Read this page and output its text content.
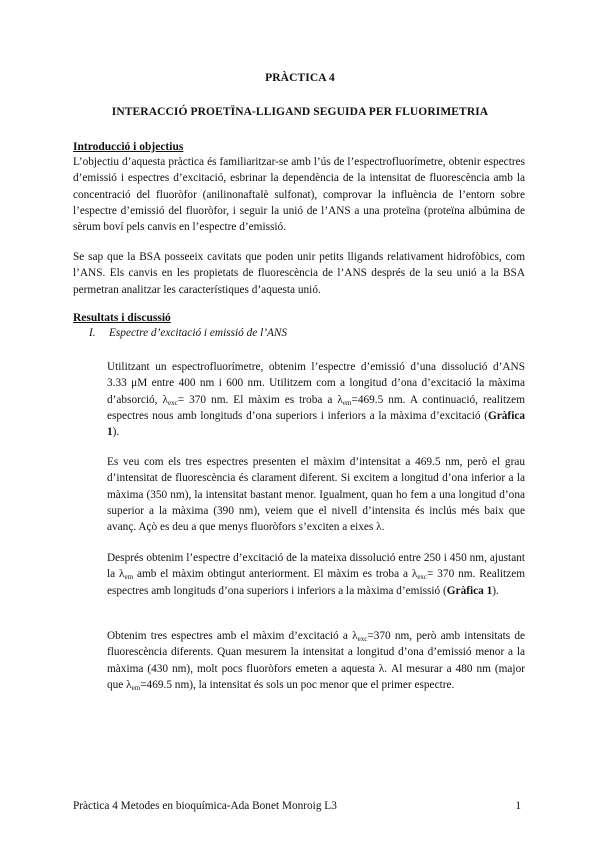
PRÀCTICA 4
INTERACCIÓ PROETÏNA-LLIGAND SEGUIDA PER FLUORIMETRIA
Introducció i objectius

L’objectiu d’aquesta pràctica és familiaritzar-se amb l’ús de l’espectrofluorímetre, obtenir espectres d’emissió i espectres d’excitació, esbrinar la dependència de la intensitat de fluorescència amb la concentració del fluoròfor (anilinonaftalè sulfonat), comprovar la influència de l’entorn sobre l’espectre d’emissió del fluoròfor, i seguir la unió de l’ANS a una proteïna (proteïna albúmina de sèrum boví pels canvis en l’espectre d’emissió.

Se sap que la BSA posseeix cavitats que poden unir petits lligands relativament hidrofòbics, com l’ANS. Els canvis en les propietats de fluorescència de l’ANS després de la seu unió a la BSA permetran analitzar les característiques d’aquesta unió.

Resultats i discussió
I. Espectre d’excitació i emissió de l’ANS

Utilitzant un espectrofluorímetre, obtenim l’espectre d’emissió d’una dissolució d’ANS 3.33 μM entre 400 nm i 600 nm. Utilitzem com a longitud d’ona d’excitació la màxima d’absorció, $\lambda_{exc}= 370$ nm. El màxim es troba a $\lambda_{em}=469.5$ nm. A continuació, realitzem espectres nous amb longituds d’ona superiors i inferiors a la màxima d’excitació (Gràfica 1).

Es veu com els tres espectres presenten el màxim d’intensitat a 469.5 nm, però el grau d’intensitat de fluorescència és clarament diferent. Si excitem a longitud d’ona inferior a la màxima (350 nm), la intensitat bastant menor. Igualment, quan ho fem a una longitud d’ona superior a la màxima (390 nm), veiem que el nivell d’intensita és inclús més baix que avanç. Açò es deu a que menys fluoròfors s’exciten a eixes λ.

Després obtenim l’espectre d’excitació de la mateixa dissolució entre 250 i 450 nm, ajustant la $\lambda_{em}$ amb el màxim obtingut anteriorment. El màxim es troba a $\lambda_{exc}= 370$ nm. Realitzem espectres amb longituds d’ona superiors i inferiors a la màxima d’emissió (Gràfica 1).

Obtenim tres espectres amb el màxim d’excitació a $\lambda_{exc}=370$ nm, però amb intensitats de fluorescència diferents. Quan mesurem la intensitat a longitud d’ona d’emissió menor a la màxima (430 nm), molt pocs fluoròfors emeten a aquesta λ. Al mesurar a 480 nm (major que $\lambda_{em}=469.5$ nm), la intensitat és sols un poc menor que el primer espectre.

Pràctica 4 Metodes en bioquímica-Ada Bonet Monroig L3	1
